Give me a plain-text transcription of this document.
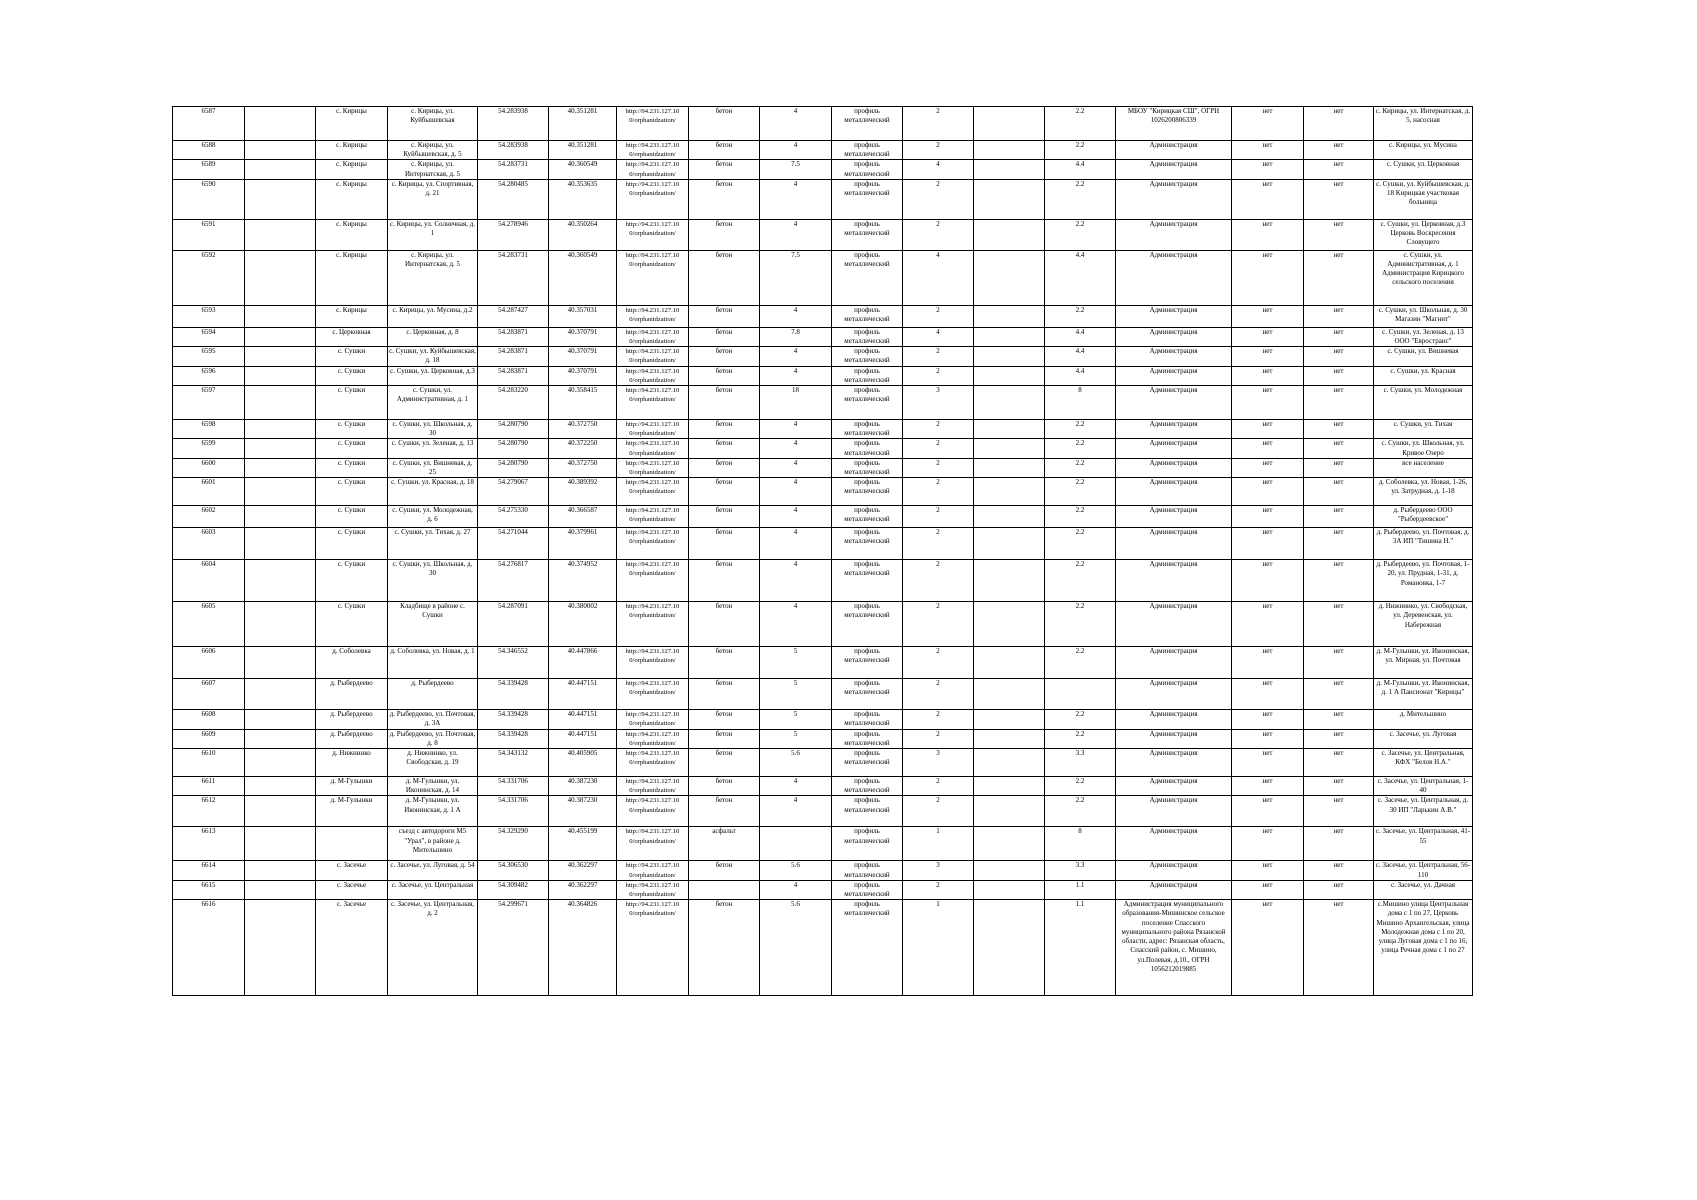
6587		с. Кирицы	с. Кирицы, ул. Куйбышевская	54.283938	40.351281	http://94.231.127.10 0/orphanidzation/	бетон	4	профиль металлический	2		2.2	МБОУ "Кирицкая СШ", ОГРН 1026200806339	нет	нет	с. Кирицы, ул. Интернатская, д. 5, насосная
6588		с. Кирицы	с. Кирицы, ул. Куйбышевская, д. 5	54.283938	40.351281	http://94.231.127.10 0/orphanidzation/	бетон	4	профиль металлический	2		2.2	Администрация	нет	нет	с. Кирицы, ул. Мусина
6589		с. Кирицы	с. Кирицы, ул. Интернатская, д. 5	54.283731	40.360549	http://94.231.127.10 0/orphanidzation/	бетон	7.5	профиль металлический	4		4.4	Администрация	нет	нет	с. Сушки, ул. Церковная
6590		с. Кирицы	с. Кирицы, ул. Спортивная, д. 21	54.280485	40.353635	http://94.231.127.10 0/orphanidzation/	бетон	4	профиль металлический	2		2.2	Администрация	нет	нет	с. Сушки, ул. Куйбышевская, д. 18 Кирицкая участковая больница
6591		с. Кирицы	с. Кирицы, ул. Солнечная, д. 1	54.278946	40.350264	http://94.231.127.10 0/orphanidzation/	бетон	4	профиль металлический	2		2.2	Администрация	нет	нет	с. Сушки, ул. Церковная, д.3 Церковь Воскресения Словущего
6592		с. Кирицы	с. Кирицы, ул. Интернатская, д. 5	54.283731	40.360549	http://94.231.127.10 0/orphanidzation/	бетон	7.5	профиль металлический	4		4.4	Администрация	нет	нет	с. Сушки, ул. Административная, д. 1 Администрация Кирицкого сельского поселения
6593		с. Кирицы	с. Кирицы, ул. Мусина, д.2	54.287427	40.357031	http://94.231.127.10 0/orphanidzation/	бетон	4	профиль металлический	2		2.2	Администрация	нет	нет	с. Сушки, ул. Школьная, д. 30 Магазин "Магнит"
6594		с. Церковная	с. Церковная, д. 8	54.283871	40.370791	http://94.231.127.10 0/orphanidzation/	бетон	7.8	профиль металлический	4		4.4	Администрация	нет	нет	с. Сушки, ул. Зеленая, д. 13 ООО "Евространс"
6595		с. Сушки	с. Сушки, ул. Куйбышевская, д. 18	54.283871	40.370791	http://94.231.127.10 0/orphanidzation/	бетон	4	профиль металлический	2		4.4	Администрация	нет	нет	с. Сушки, ул. Вишневая
6596		с. Сушки	с. Сушки, ул. Церковная, д.3	54.283871	40.370791	http://94.231.127.10 0/orphanidzation/	бетон	4	профиль металлический	2		4.4	Администрация	нет	нет	с. Сушки, ул. Красная
6597		с. Сушки	с. Сушки, ул. Административная, д. 1	54.283220	40.358415	http://94.231.127.10 0/orphanidzation/	бетон	18	профиль металлический	3		8	Администрация	нет	нет	с. Сушки, ул. Молодежная
6598		с. Сушки	с. Сушки, ул. Школьная, д. 30	54.280790	40.372750	http://94.231.127.10 0/orphanidzation/	бетон	4	профиль металлический	2		2.2	Администрация	нет	нет	с. Сушки, ул. Тихая
6599		с. Сушки	с. Сушки, ул. Зеленая, д. 13	54.280790	40.372250	http://94.231.127.10 0/orphanidzation/	бетон	4	профиль металлический	2		2.2	Администрация	нет	нет	с. Сушки, ул. Школьная, ул. Кривое Озеро
6600		с. Сушки	с. Сушки, ул. Вишневая, д. 25	54.280790	40.372750	http://94.231.127.10 0/orphanidzation/	бетон	4	профиль металлический	2		2.2	Администрация	нет	нет	все население
6601		с. Сушки	с. Сушки, ул. Красная, д. 18	54.279067	40.389392	http://94.231.127.10 0/orphanidzation/	бетон	4	профиль металлический	2		2.2	Администрация	нет	нет	д. Соболевка, ул. Новая, 1-26, ул. Затрудная, д. 1-18
6602		с. Сушки	с. Сушки, ул. Молодежная, д. 6	54.275330	40.366587	http://94.231.127.10 0/orphanidzation/	бетон	4	профиль металлический	2		2.2	Администрация	нет	нет	д. Рыбердеево ООО "Рыбердеевское"
6603		с. Сушки	с. Сушки, ул. Тихая, д. 27	54.271044	40.379961	http://94.231.127.10 0/orphanidzation/	бетон	4	профиль металлический	2		2.2	Администрация	нет	нет	д. Рыбердеево, ул. Почтовая, д. 3А ИП "Тишина Н."
6604		с. Сушки	с. Сушки, ул. Школьная, д. 30	54.276817	40.374952	http://94.231.127.10 0/orphanidzation/	бетон	4	профиль металлический	2		2.2	Администрация	нет	нет	д. Рыбердеево, ул. Почтовая, 1-20, ул. Прудная, 1-31, д. Романовка, 1-7
6605		с. Сушки	Кладбище в районе с. Сушки	54.287091	40.380002	http://94.231.127.10 0/orphanidzation/	бетон	4	профиль металлический	2		2.2	Администрация	нет	нет	д. Нижнинко, ул. Свободская, ул. Деревенская, ул. Набережная
6606		д. Соболевка	д. Соболевка, ул. Новая, д. 1	54.346552	40.447866	http://94.231.127.10 0/orphanidzation/	бетон	5	профиль металлический	2		2.2	Администрация	нет	нет	д. М-Гулынки, ул. Иконинская, ул. Мирная, ул. Почтовая
6607		д. Рыбердеево	д. Рыбердеево	54.339428	40.447151	http://94.231.127.10 0/orphanidzation/	бетон	5	профиль металлический	2			Администрация	нет	нет	д. М-Гулынки, ул. Иконинская, д. 1 А Пансионат "Кирицы"
6608		д. Рыбердеево	д. Рыбердеево, ул. Почтовая, д. 3А	54.339428	40.447151	http://94.231.127.10 0/orphanidzation/	бетон	5	профиль металлический	2		2.2	Администрация	нет	нет	д. Мительшино
6609		д. Рыбердеево	д. Рыбердеево, ул. Почтовая, д. 8	54.339428	40.447151	http://94.231.127.10 0/orphanidzation/	бетон	5	профиль металлический	2		2.2	Администрация	нет	нет	с. Засечье, ул. Луговая
6610		д. Нижнинко	д. Нижнинко, ул. Свободская, д. 19	54.343132	40.405905	http://94.231.127.10 0/orphanidzation/	бетон	5.6	профиль металлический	3		3.3	Администрация	нет	нет	с. Засечье, ул. Центральная, КФХ "Белов Н.А."
6611		д. М-Гулынки	д. М-Гулынки, ул. Иконинская, д. 14	54.331706	40.387230	http://94.231.127.10 0/orphanidzation/	бетон	4	профиль металлический	2		2.2	Администрация	нет	нет	с. Засечье, ул. Центральная, 1-40
6612		д. М-Гулынки	д. М-Гулынки, ул. Иконинская, д. 1 А	54.331706	40.387230	http://94.231.127.10 0/orphanidzation/	бетон	4	профиль металлический	2		2.2	Администрация	нет	нет	с. Засечье, ул. Центральная, д. 30 ИП "Ларькин А.В."
6613			съезд с автодороги М5 "Урал", в районе д. Мительшино	54.329290	40.455199	http://94.231.127.10 0/orphanidzation/	асфальт		профиль металлический	1		8	Администрация	нет	нет	с. Засечье, ул. Центральная, 41-55
6614		с. Засечье	с. Засечье, ул. Луговая, д. 54	54.306530	40.362297	http://94.231.127.10 0/orphanidzation/	бетон	5.6	профиль металлический	3		3.3	Администрация	нет	нет	с. Засечье, ул. Центральная, 56-110
6615		с. Засечье	с. Засечье, ул. Центральная	54.309482	40.362297	http://94.231.127.10 0/orphanidzation/		4	профиль металлический	2		1.1	Администрация	нет	нет	с. Засечье, ул. Дачная
6616		с. Засечье	с. Засечье, ул. Центральная, д. 2	54.299671	40.364826	http://94.231.127.10 0/orphanidzation/	бетон	5.6	профиль металлический	1		1.1	Администрация муниципального образования-Мишинское сельское поселение Спасского муниципального района Рязанской области, адрес: Рязанская область, Спасский район, с. Мишино, ул.Полевая, д.10., ОГРН 1056212019885	нет	нет	с.Мишино улица Центральная дома с 1 по 27, Церковь Мишино Архангельская, улица Молодежная дома с 1 по 20, улица Луговая дома с 1 по 16, улица Речная дома с 1 по 27
